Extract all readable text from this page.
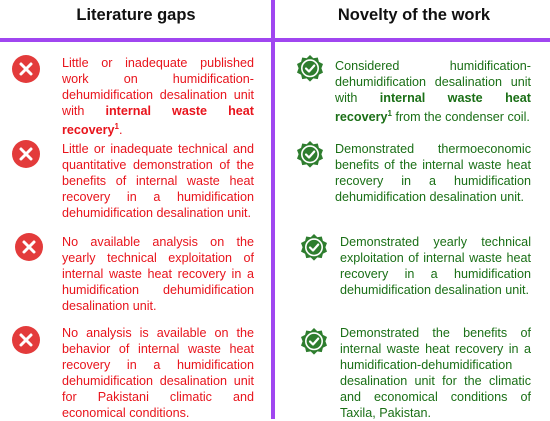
Literature gaps	Novelty of the work
Little or inadequate published work on humidification-dehumidification desalination unit with internal waste heat recovery$^1$.
Little or inadequate technical and quantitative demonstration of the benefits of internal waste heat recovery in a humidification dehumidification desalination unit.
No available analysis on the yearly technical exploitation of internal waste heat recovery in a humidification dehumidification desalination unit.
No analysis is available on the behavior of internal waste heat recovery in a humidification dehumidification desalination unit for Pakistani climatic and economical conditions.
Considered humidification-dehumidification desalination unit with internal waste heat recovery$^1$ from the condenser coil.
Demonstrated thermoeconomic benefits of the internal waste heat recovery in a humidification dehumidification desalination unit.
Demonstrated yearly technical exploitation of internal waste heat recovery in a humidification dehumidification desalination unit.
Demonstrated the benefits of internal waste heat recovery in a humidification-dehumidification desalination unit for the climatic and economical conditions of Taxila, Pakistan.
